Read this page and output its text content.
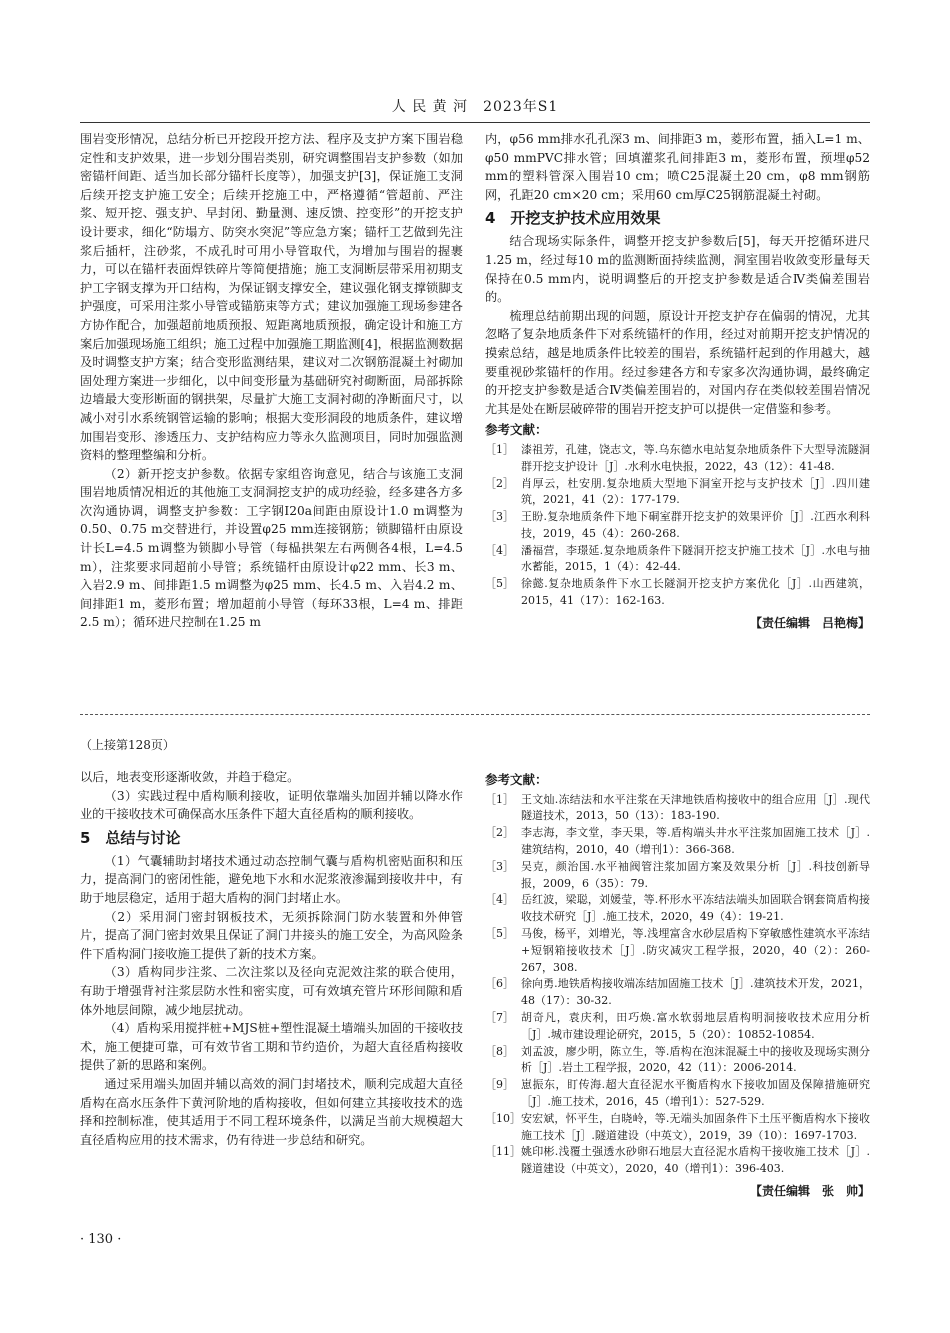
人 民 黄 河　2023年S1

围岩变形情况，总结分析已开挖段开挖方法、程序及支护方案下围岩稳定性和支护效果，进一步划分围岩类别，研究调整围岩支护参数（如加密锚杆间距、适当加长部分锚杆长度等），加强支护[3]，保证施工支洞后续开挖支护施工安全；后续开挖施工中，严格遵循“管超前、严注浆、短开挖、强支护、早封闭、勤量测、速反馈、控变形”的开挖支护设计要求，细化“防塌方、防突水突泥”等应急方案；锚杆工艺做到先注浆后插杆，注砂浆，不成孔时可用小导管取代，为增加与围岩的握裹力，可以在锚杆表面焊铁碎片等简便措施；施工支洞断层带采用初期支护工字钢支撑为开口结构，为保证钢支撑安全，建议强化钢支撑锁脚支护强度，可采用注浆小导管或锚筋束等方式；建议加强施工现场参建各方协作配合，加强超前地质预报、短距离地质预报，确定设计和施工方案后加强现场施工组织；施工过程中加强施工期监测[4]，根据监测数据及时调整支护方案；结合变形监测结果，建议对二次钢筋混凝土衬砌加固处理方案进一步细化，以中间变形量为基础研究衬砌断面，局部拆除边墙最大变形断面的钢拱架，尽量扩大施工支洞衬砌的净断面尺寸，以减小对引水系统钢管运输的影响；根据大变形洞段的地质条件，建议增加围岩变形、渗透压力、支护结构应力等永久监测项目，同时加强监测资料的整理整编和分析。

（2）新开挖支护参数。依据专家组咨询意见，结合与该施工支洞围岩地质情况相近的其他施工支洞洞挖支护的成功经验，经多建各方多次沟通协调，调整支护参数：工字钢I20a间距由原设计1.0 m调整为0.50、0.75 m交替进行，并设置φ25 mm连接钢筋；锁脚锚杆由原设计长L=4.5 m调整为锁脚小导管（每榀拱架左右两侧各4根，L=4.5 m），注浆要求同超前小导管；系统锚杆由原设计φ22 mm、长3 m、入岩2.9 m、间排距1.5 m调整为φ25 mm、长4.5 m、入岩4.2 m、间排距1 m，菱形布置；增加超前小导管（每环33根，L=4 m、排距2.5 m）；循环进尺控制在1.25 m

内，φ56 mm排水孔孔深3 m、间排距3 m，菱形布置，插入L=1 m、φ50 mmPVC排水管；回填灌浆孔间排距3 m，菱形布置，预埋φ52 mm的塑料管深入围岩10 cm；喷C25混凝土20 cm，φ8 mm钢筋网，孔距20 cm×20 cm；采用60 cm厚C25钢筋混凝土衬砌。

4　开挖支护技术应用效果

结合现场实际条件，调整开挖支护参数后[5]，每天开挖循环进尺1.25 m，经过每10 m的监测断面持续监测，洞室围岩收敛变形量每天保持在0.5 mm内，说明调整后的开挖支护参数是适合Ⅳ类偏差围岩的。

梳理总结前期出现的问题，原设计开挖支护存在偏弱的情况，尤其忽略了复杂地质条件下对系统锚杆的作用，经过对前期开挖支护情况的摸索总结，越是地质条件比较差的围岩，系统锚杆起到的作用越大，越要重视砂浆锚杆的作用。经过参建各方和专家多次沟通协调，最终确定的开挖支护参数是适合Ⅳ类偏差围岩的，对国内存在类似较差围岩情况尤其是处在断层破碎带的围岩开挖支护可以提供一定借鉴和参考。

参考文献：
［1］ 漆祖芳，孔建，饶志文，等.乌东德水电站复杂地质条件下大型导流隧洞群开挖支护设计［J］.水利水电快报，2022，43（12）：41-48.
［2］ 肖厚云，杜安朋.复杂地质大型地下洞室开挖与支护技术［J］.四川建筑，2021，41（2）：177-179.
［3］ 王盼.复杂地质条件下地下硐室群开挖支护的效果评价［J］.江西水利科技，2019，45（4）：260-268.
［4］ 潘福营，李璟延.复杂地质条件下隧洞开挖支护施工技术［J］.水电与抽水蓄能，2015，1（4）：42-44.
［5］ 徐懿.复杂地质条件下水工长隧洞开挖支护方案优化［J］.山西建筑，2015，41（17）：162-163.
【责任编辑　吕艳梅】
（上接第128页）

以后，地表变形逐渐收敛，并趋于稳定。

（3）实践过程中盾构顺利接收，证明依靠端头加固并辅以降水作业的干接收技术可确保高水压条件下超大直径盾构的顺利接收。

5　总结与讨论

（1）气囊辅助封堵技术通过动态控制气囊与盾构机密贴面积和压力，提高洞门的密闭性能，避免地下水和水泥浆液渗漏到接收井中，有助于地层稳定，适用于超大盾构的洞门封堵止水。

（2）采用洞门密封钢板技术，无须拆除洞门防水装置和外伸管片，提高了洞门密封效果且保证了洞门井接头的施工安全，为高风险条件下盾构洞门接收施工提供了新的技术方案。

（3）盾构同步注浆、二次注浆以及径向克泥效注浆的联合使用，有助于增强背衬注浆层防水性和密实度，可有效填充管片环形间隙和盾体外地层间隙，减少地层扰动。

（4）盾构采用搅拌桩+MJS桩+塑性混凝土墙端头加固的干接收技术，施工便捷可靠，可有效节省工期和节约造价，为超大直径盾构接收提供了新的思路和案例。

通过采用端头加固并辅以高效的洞门封堵技术，顺利完成超大直径盾构在高水压条件下黄河阶地的盾构接收，但如何建立其接收技术的选择和控制标准，使其适用于不同工程环境条件，以满足当前大规模超大直径盾构应用的技术需求，仍有待进一步总结和研究。

参考文献：
［1］ 王文灿.冻结法和水平注浆在天津地铁盾构接收中的组合应用［J］.现代隧道技术，2013，50（13）：183-190.
［2］ 李志海，李文堂，李天果，等.盾构端头井水平注浆加固施工技术［J］.建筑结构，2010，40（增刊1）：366-368.
［3］ 吴克，颜治国.水平袖阀管注浆加固方案及效果分析［J］.科技创新导报，2009，6（35）：79.
［4］ 岳红波，梁聪，刘媛莹，等.杯形水平冻结法端头加固联合钢套筒盾构接收技术研究［J］.施工技术，2020，49（4）：19-21.
［5］ 马俊，杨平，刘增光，等.浅埋富含水砂层盾构下穿敏感性建筑水平冻结+短钢箱接收技术［J］.防灾减灾工程学报，2020，40（2）：260-267，308.
［6］ 徐向勇.地铁盾构接收端冻结加固施工技术［J］.建筑技术开发，2021，48（17）：30-32.
［7］ 胡奇凡，袁庆利，田巧焕.富水软弱地层盾构明洞接收技术应用分析［J］.城市建设理论研究，2015，5（20）：10852-10854.
［8］ 刘孟波，廖少明，陈立生，等.盾构在泡沫混凝土中的接收及现场实测分析［J］.岩土工程学报，2020，42（11）：2006-2014.
［9］ 崽振东，盯传海.超大直径泥水平衡盾构水下接收加固及保障措施研究［J］.施工技术，2016，45（增刊1）：527-529.
［10］ 安宏斌，怀平生，白晓岭，等.无端头加固条件下土压平衡盾构水下接收施工技术［J］.隧道建设（中英文），2019，39（10）：1697-1703.
［11］ 姚印彬.浅覆土强透水砂卵石地层大直径泥水盾构干接收施工技术［J］.隧道建设（中英文），2020，40（增刊1）：396-403.
【责任编辑　张　帅】
· 130 ·
